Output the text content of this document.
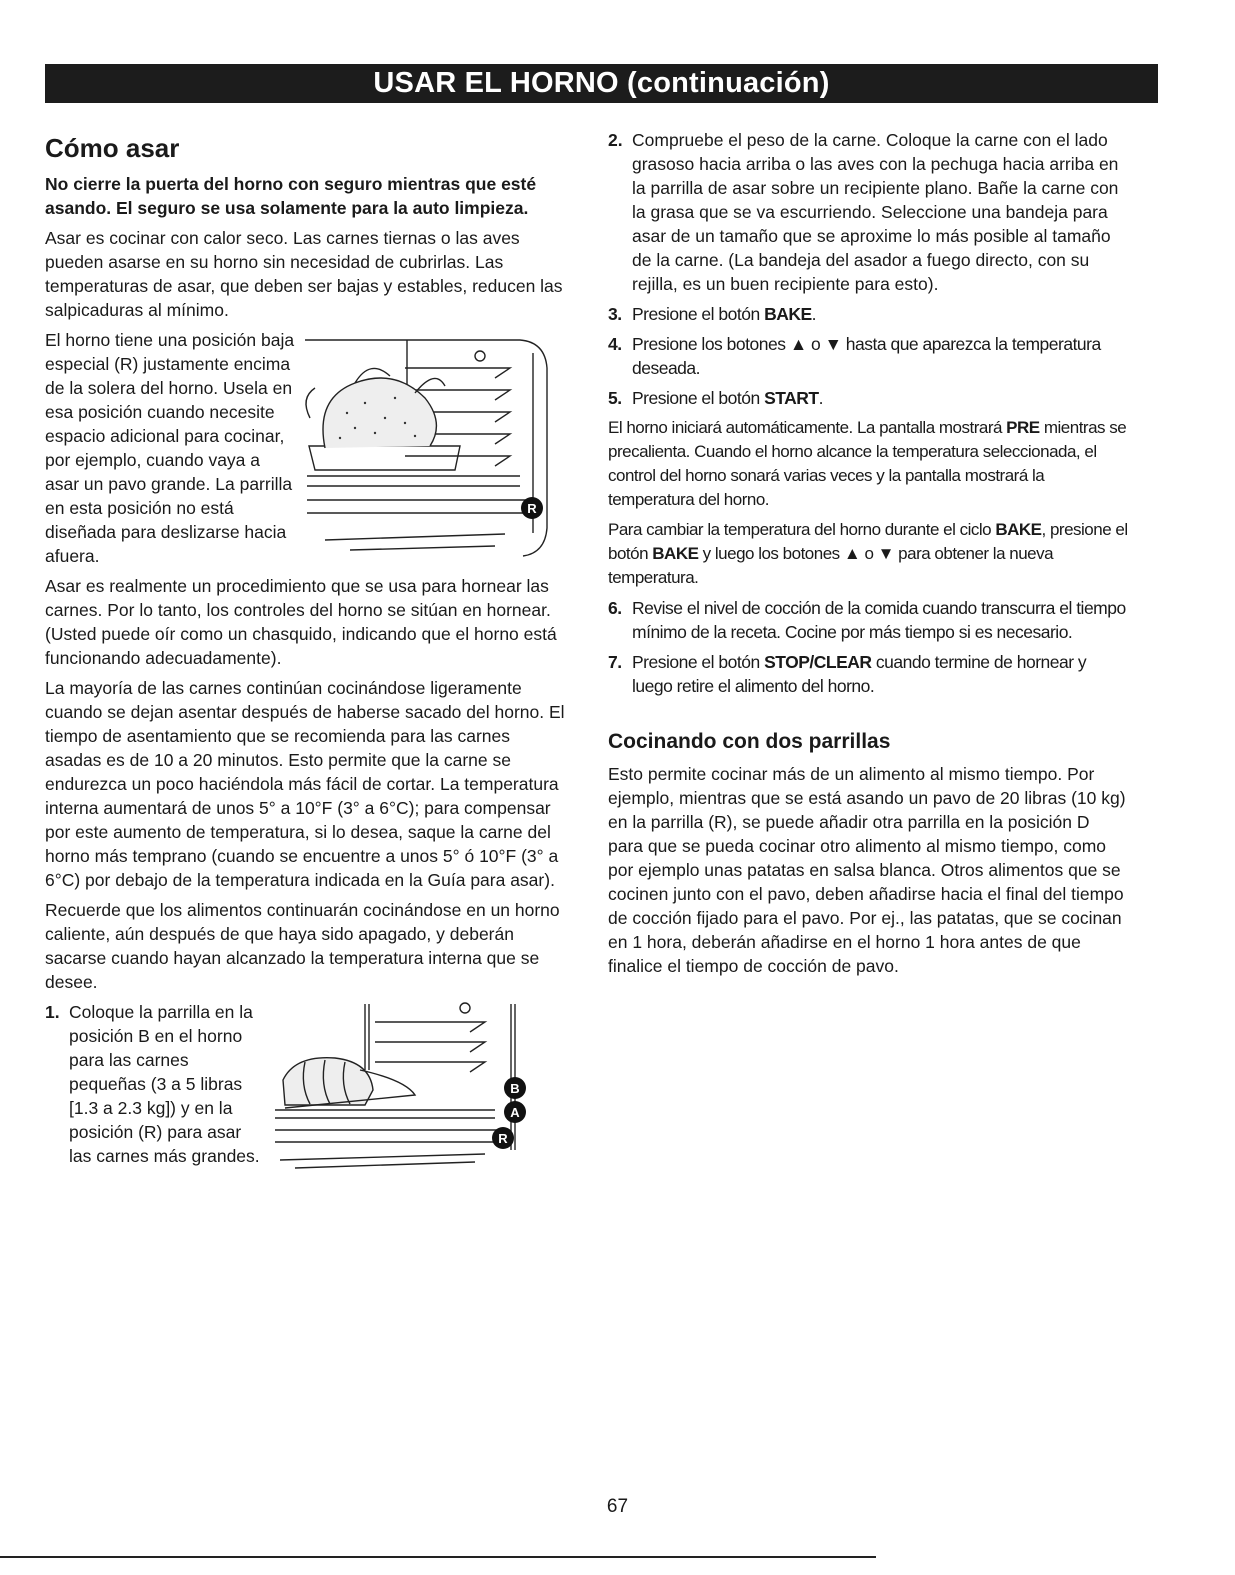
USAR EL HORNO (continuación)
Cómo asar
No cierre la puerta del horno con seguro mientras que esté asando. El seguro se usa solamente para la auto limpieza.

Asar es cocinar con calor seco. Las carnes tiernas o las aves pueden asarse en su horno sin necesidad de cubrirlas. Las temperaturas de asar, que deben ser bajas y estables, reducen las salpicaduras al mínimo.

El horno tiene una posición baja especial (R) justamente encima de la solera del horno. Usela en esa posición cuando necesite espacio adicional para cocinar, por ejemplo, cuando vaya a asar un pavo grande. La parrilla en esta posición no está diseñada para deslizarse hacia afuera.
R

Asar es realmente un procedimiento que se usa para hornear las carnes. Por lo tanto, los controles del horno se sitúan en hornear. (Usted puede oír como un chasquido, indicando que el horno está funcionando adecuadamente).

La mayoría de las carnes continúan cocinándose ligeramente cuando se dejan asentar después de haberse sacado del horno. El tiempo de asentamiento que se recomienda para las carnes asadas es de 10 a 20 minutos. Esto permite que la carne se endurezca un poco haciéndola más fácil de cortar. La temperatura interna aumentará de unos 5° a 10°F (3° a 6°C); para compensar por este aumento de temperatura, si lo desea, saque la carne del horno más temprano (cuando se encuentre a unos 5° ó 10°F (3° a 6°C) por debajo de la temperatura indicada en la Guía para asar).

Recuerde que los alimentos continuarán cocinándose en un horno caliente, aún después de que haya sido apagado, y deberán sacarse cuando hayan alcanzado la temperatura interna que se desee.

1. Coloque la parrilla en la posición B en el horno para las carnes pequeñas (3 a 5 libras [1.3 a 2.3 kg]) y en la posición (R) para asar las carnes más grandes.
B
A
R
2. Compruebe el peso de la carne. Coloque la carne con el lado grasoso hacia arriba o las aves con la pechuga hacia arriba en la parrilla de asar sobre un recipiente plano. Bañe la carne con la grasa que se va escurriendo. Seleccione una bandeja para asar de un tamaño que se aproxime lo más posible al tamaño de la carne. (La bandeja del asador a fuego directo, con su rejilla, es un buen recipiente para esto).
3. Presione el botón BAKE.
4. Presione los botones ▲ o ▼ hasta que aparezca la temperatura deseada.
5. Presione el botón START.

El horno iniciará automáticamente. La pantalla mostrará PRE mientras se precalienta. Cuando el horno alcance la temperatura seleccionada, el control del horno sonará varias veces y la pantalla mostrará la temperatura del horno.

Para cambiar la temperatura del horno durante el ciclo BAKE, presione el botón BAKE y luego los botones ▲ o ▼ para obtener la nueva temperatura.

6. Revise el nivel de cocción de la comida cuando transcurra el tiempo mínimo de la receta. Cocine por más tiempo si es necesario.
7. Presione el botón STOP/CLEAR cuando termine de hornear y luego retire el alimento del horno.
Cocinando con dos parrillas

Esto permite cocinar más de un alimento al mismo tiempo. Por ejemplo, mientras que se está asando un pavo de 20 libras (10 kg) en la parrilla (R), se puede añadir otra parrilla en la posición D para que se pueda cocinar otro alimento al mismo tiempo, como por ejemplo unas patatas en salsa blanca. Otros alimentos que se cocinen junto con el pavo, deben añadirse hacia el final del tiempo de cocción fijado para el pavo. Por ej., las patatas, que se cocinan en 1 hora, deberán añadirse en el horno 1 hora antes de que finalice el tiempo de cocción de pavo.

67
